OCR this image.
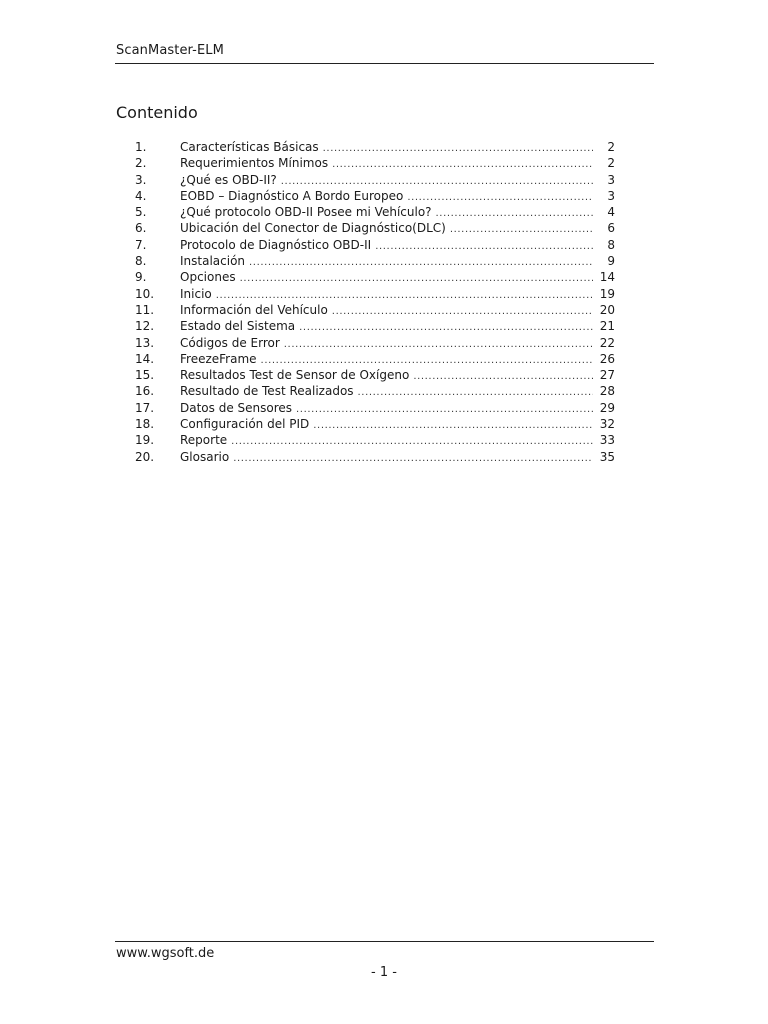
ScanMaster-ELM
Contenido
1.	Características Básicas .....	2
2.	Requerimientos Mínimos .....	2
3.	¿Qué es OBD-II? .....	3
4.	EOBD – Diagnóstico A Bordo Europeo .....	3
5.	¿Qué protocolo OBD-II Posee mi Vehículo? .....	4
6.	Ubicación del Conector de Diagnóstico(DLC) .....	6
7.	Protocolo de Diagnóstico OBD-II .....	8
8.	Instalación .....	9
9.	Opciones .....	14
10.	Inicio .....	19
11.	Información del Vehículo .....	20
12.	Estado del Sistema .....	21
13.	Códigos de Error .....	22
14.	FreezeFrame .....	26
15.	Resultados Test de Sensor de Oxígeno .....	27
16.	Resultado de Test Realizados .....	28
17.	Datos de Sensores .....	29
18.	Configuración del PID .....	32
19.	Reporte .....	33
20.	Glosario .....	35
www.wgsoft.de
- 1 -
